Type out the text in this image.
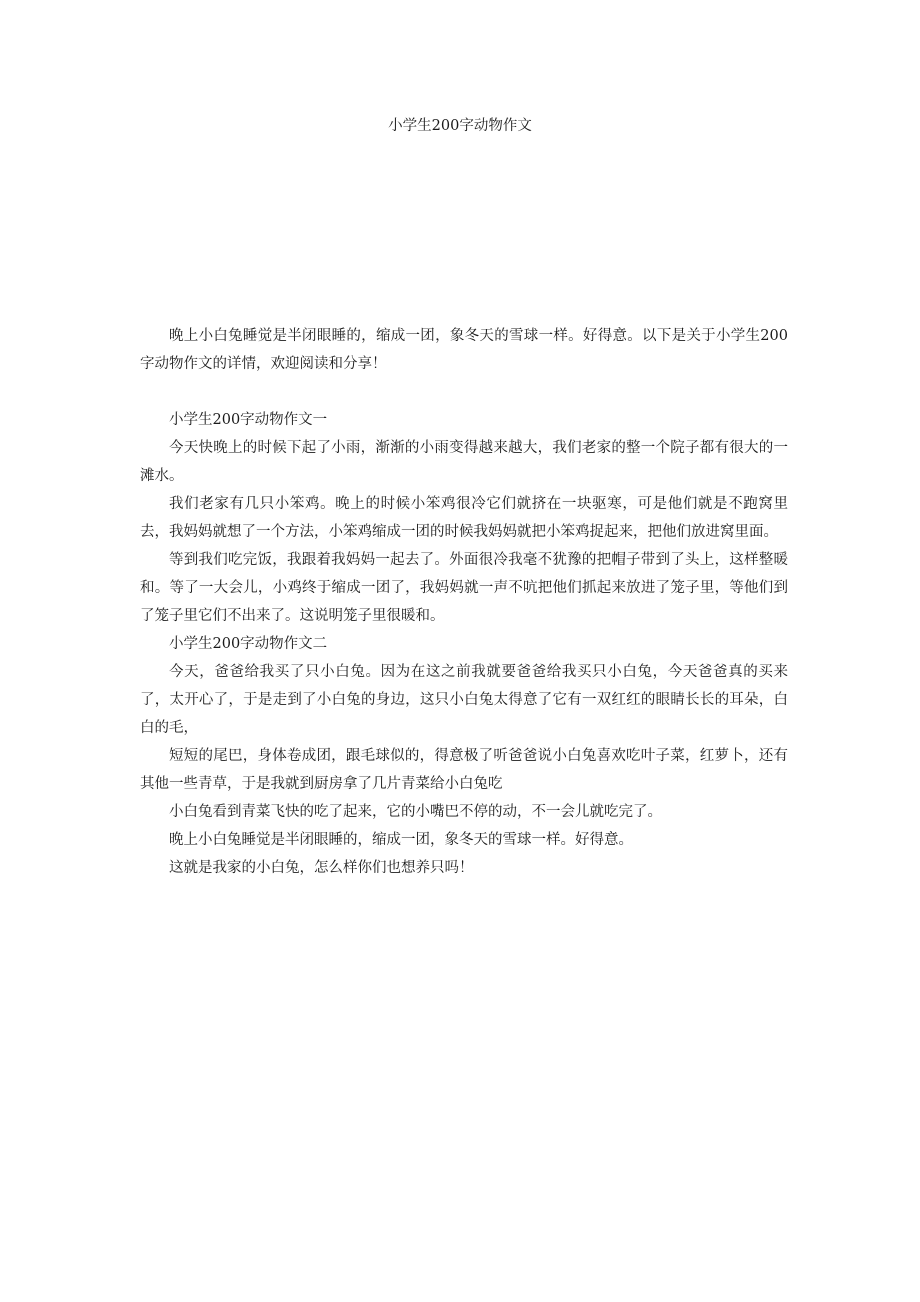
小学生200字动物作文

晚上小白兔睡觉是半闭眼睡的，缩成一团，象冬天的雪球一样。好得意。以下是关于小学生200字动物作文的详情，欢迎阅读和分享！

小学生200字动物作文一

今天快晚上的时候下起了小雨，渐渐的小雨变得越来越大，我们老家的整一个院子都有很大的一滩水。

我们老家有几只小笨鸡。晚上的时候小笨鸡很冷它们就挤在一块驱寒，可是他们就是不跑窝里去，我妈妈就想了一个方法，小笨鸡缩成一团的时候我妈妈就把小笨鸡捉起来，把他们放进窝里面。

等到我们吃完饭，我跟着我妈妈一起去了。外面很冷我毫不犹豫的把帽子带到了头上，这样整暖和。等了一大会儿，小鸡终于缩成一团了，我妈妈就一声不吭把他们抓起来放进了笼子里，等他们到了笼子里它们不出来了。这说明笼子里很暖和。

小学生200字动物作文二

今天，爸爸给我买了只小白兔。因为在这之前我就要爸爸给我买只小白兔，今天爸爸真的买来了，太开心了，于是走到了小白兔的身边，这只小白兔太得意了它有一双红红的眼睛长长的耳朵，白白的毛，

短短的尾巴，身体卷成团，跟毛球似的，得意极了听爸爸说小白兔喜欢吃叶子菜，红萝卜，还有其他一些青草，于是我就到厨房拿了几片青菜给小白兔吃

小白兔看到青菜飞快的吃了起来，它的小嘴巴不停的动，不一会儿就吃完了。

晚上小白兔睡觉是半闭眼睡的，缩成一团，象冬天的雪球一样。好得意。

这就是我家的小白兔，怎么样你们也想养只吗！
